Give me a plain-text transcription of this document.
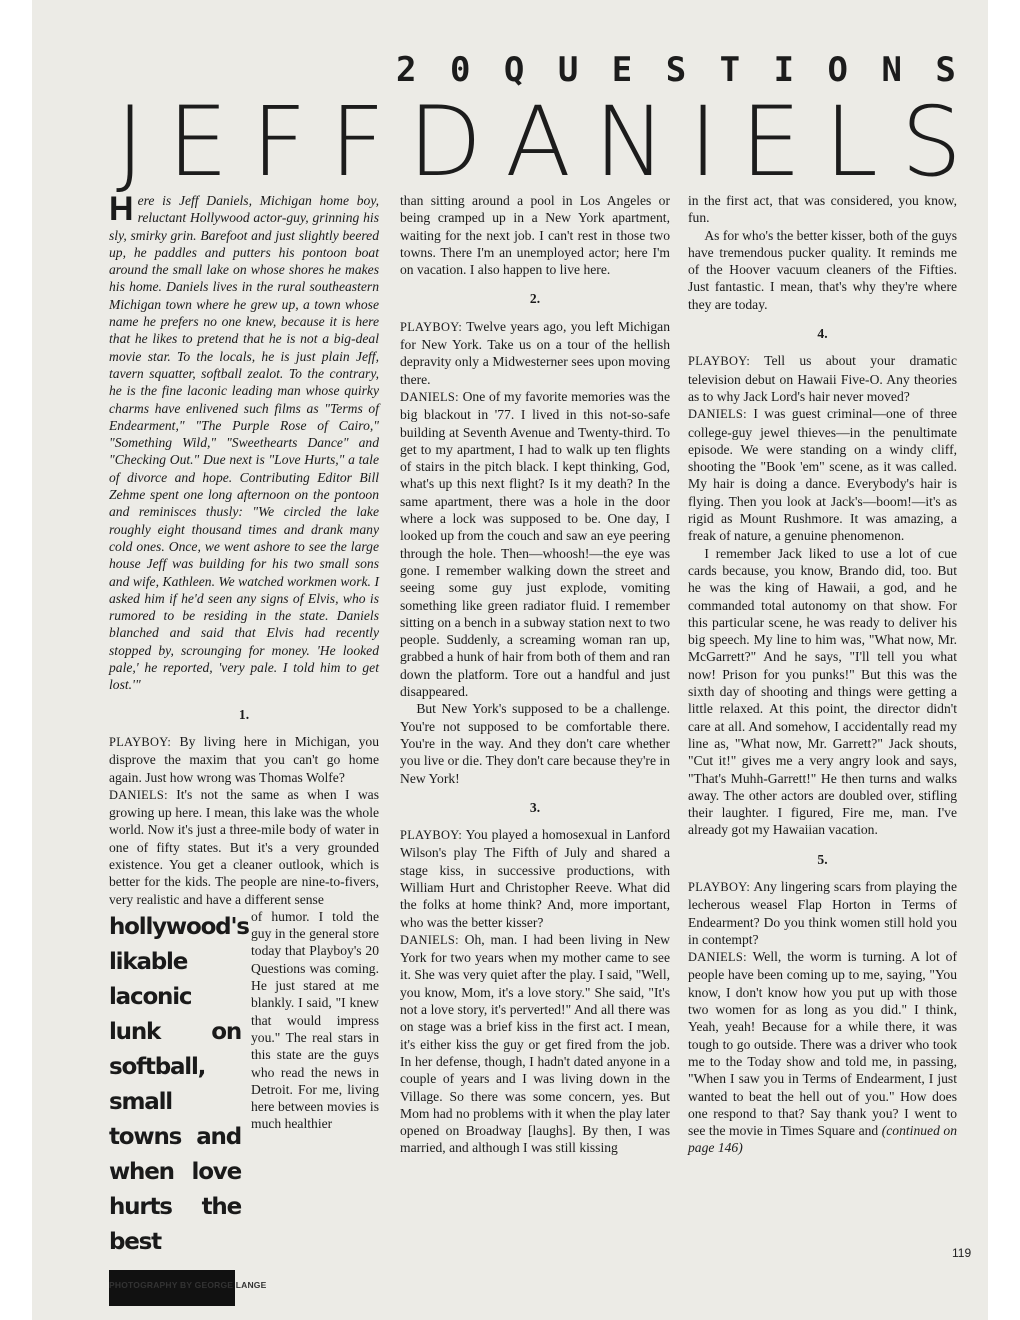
2 0 Q U E S T I O N S
J E F F D A N I E L S

Here is Jeff Daniels, Michigan home boy, reluctant Hollywood actor-guy, grinning his sly, smirky grin. Barefoot and just slightly beered up, he paddles and putters his pontoon boat around the small lake on whose shores he makes his home. Daniels lives in the rural southeastern Michigan town where he grew up, a town whose name he prefers no one knew, because it is here that he likes to pretend that he is not a big-deal movie star. To the locals, he is just plain Jeff, tavern squatter, softball zealot. To the contrary, he is the fine laconic leading man whose quirky charms have enlivened such films as "Terms of Endearment," "The Purple Rose of Cairo," "Something Wild," "Sweethearts Dance" and "Checking Out." Due next is "Love Hurts," a tale of divorce and hope. Contributing Editor Bill Zehme spent one long afternoon on the pontoon and reminisces thusly: "We circled the lake roughly eight thousand times and drank many cold ones. Once, we went ashore to see the large house Jeff was building for his two small sons and wife, Kathleen. We watched workmen work. I asked him if he'd seen any signs of Elvis, who is rumored to be residing in the state. Daniels blanched and said that Elvis had recently stopped by, scrounging for money. 'He looked pale,' he reported, 'very pale. I told him to get lost.'"

1.

PLAYBOY: By living here in Michigan, you disprove the maxim that you can't go home again. Just how wrong was Thomas Wolfe?

DANIELS: It's not the same as when I was growing up here. I mean, this lake was the whole world. Now it's just a three-mile body of water in one of fifty states. But it's a very grounded existence. You get a cleaner outlook, which is better for the kids. The people are nine-to-fivers, very realistic and have a different sense

hollywood's likable laconic lunk on softball, small towns and when love hurts the best
of humor. I told the guy in the general store today that Playboy's 20 Questions was coming. He just stared at me blankly. I said, "I knew that would impress you." The real stars in this state are the guys who read the news in Detroit. For me, living here between movies is much healthier

than sitting around a pool in Los Angeles or being cramped up in a New York apartment, waiting for the next job. I can't rest in those two towns. There I'm an unemployed actor; here I'm on vacation. I also happen to live here.

2.

PLAYBOY: Twelve years ago, you left Michigan for New York. Take us on a tour of the hellish depravity only a Midwesterner sees upon moving there.

DANIELS: One of my favorite memories was the big blackout in '77. I lived in this not-so-safe building at Seventh Avenue and Twenty-third. To get to my apartment, I had to walk up ten flights of stairs in the pitch black. I kept thinking, God, what's up this next flight? Is it my death? In the same apartment, there was a hole in the door where a lock was supposed to be. One day, I looked up from the couch and saw an eye peering through the hole. Then—whoosh!—the eye was gone. I remember walking down the street and seeing some guy just explode, vomiting something like green radiator fluid. I remember sitting on a bench in a subway station next to two people. Suddenly, a screaming woman ran up, grabbed a hunk of hair from both of them and ran down the platform. Tore out a handful and just disappeared.

But New York's supposed to be a challenge. You're not supposed to be comfortable there. You're in the way. And they don't care whether you live or die. They don't care because they're in New York!

3.

PLAYBOY: You played a homosexual in Lanford Wilson's play The Fifth of July and shared a stage kiss, in successive productions, with William Hurt and Christopher Reeve. What did the folks at home think? And, more important, who was the better kisser?

DANIELS: Oh, man. I had been living in New York for two years when my mother came to see it. She was very quiet after the play. I said, "Well, you know, Mom, it's a love story." She said, "It's not a love story, it's perverted!" And all there was on stage was a brief kiss in the first act. I mean, it's either kiss the guy or get fired from the job. In her defense, though, I hadn't dated anyone in a couple of years and I was living down in the Village. So there was some concern, yes. But Mom had no problems with it when the play later opened on Broadway [laughs]. By then, I was married, and although I was still kissing

in the first act, that was considered, you know, fun.

As for who's the better kisser, both of the guys have tremendous pucker quality. It reminds me of the Hoover vacuum cleaners of the Fifties. Just fantastic. I mean, that's why they're where they are today.

4.

PLAYBOY: Tell us about your dramatic television debut on Hawaii Five-O. Any theories as to why Jack Lord's hair never moved?

DANIELS: I was guest criminal—one of three college-guy jewel thieves—in the penultimate episode. We were standing on a windy cliff, shooting the "Book 'em" scene, as it was called. My hair is doing a dance. Everybody's hair is flying. Then you look at Jack's—boom!—it's as rigid as Mount Rushmore. It was amazing, a freak of nature, a genuine phenomenon.

I remember Jack liked to use a lot of cue cards because, you know, Brando did, too. But he was the king of Hawaii, a god, and he commanded total autonomy on that show. For this particular scene, he was ready to deliver his big speech. My line to him was, "What now, Mr. McGarrett?" And he says, "I'll tell you what now! Prison for you punks!" But this was the sixth day of shooting and things were getting a little relaxed. At this point, the director didn't care at all. And somehow, I accidentally read my line as, "What now, Mr. Garrett?" Jack shouts, "Cut it!" gives me a very angry look and says, "That's Muhh-Garrett!" He then turns and walks away. The other actors are doubled over, stifling their laughter. I figured, Fire me, man. I've already got my Hawaiian vacation.

5.

PLAYBOY: Any lingering scars from playing the lecherous weasel Flap Horton in Terms of Endearment? Do you think women still hold you in contempt?

DANIELS: Well, the worm is turning. A lot of people have been coming up to me, saying, "You know, I don't know how you put up with those two women for as long as you did." I think, Yeah, yeah! Because for a while there, it was tough to go outside. There was a driver who took me to the Today show and told me, in passing, "When I saw you in Terms of Endearment, I just wanted to beat the hell out of you." How does one respond to that? Say thank you? I went to see the movie in Times Square and (continued on page 146)

PHOTOGRAPHY BY GEORGE LANGE
119
